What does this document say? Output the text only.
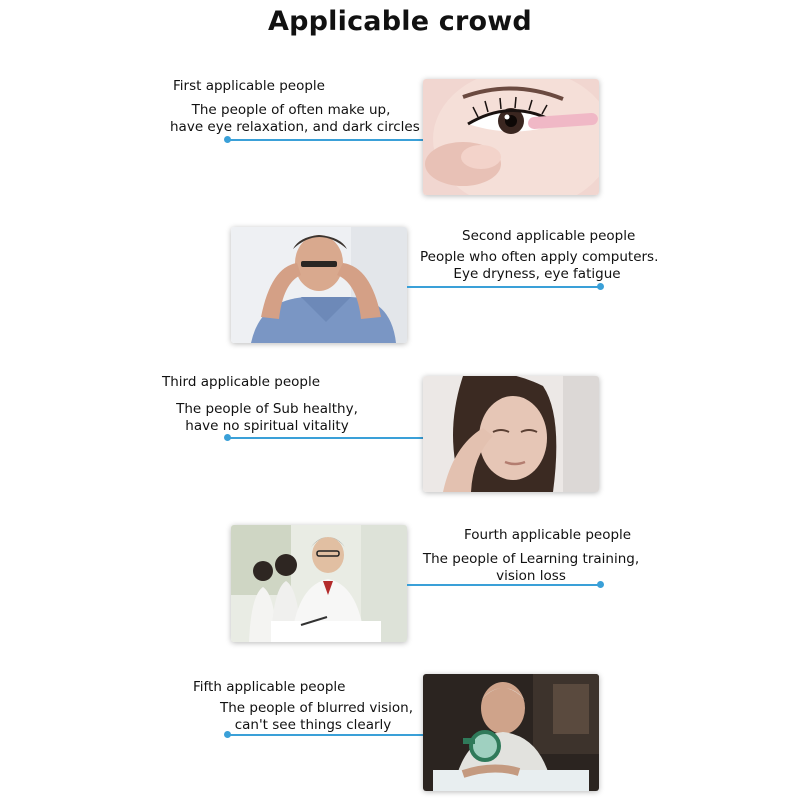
Applicable crowd
First applicable people
The people of often make up,
have eye relaxation, and dark circles
Second applicable people
People who often apply computers.
Eye dryness, eye fatigue
Third applicable people
The people of Sub healthy,
have no spiritual vitality
Fourth applicable people
The people of Learning training,
vision loss
Fifth applicable people
The people of blurred vision,
can't see things clearly
